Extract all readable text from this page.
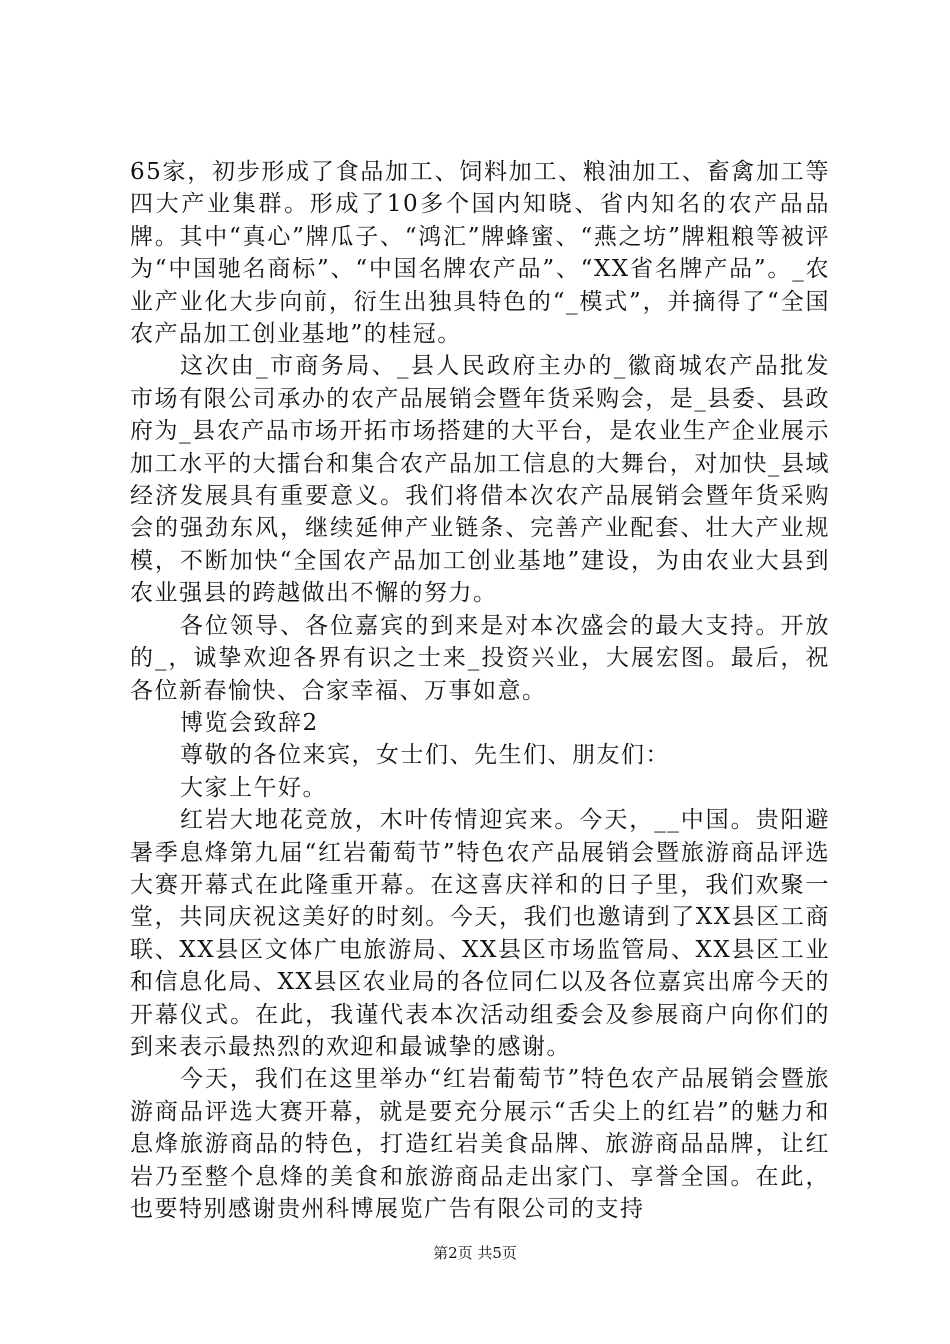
65家，初步形成了食品加工、饲料加工、粮油加工、畜禽加工等四大产业集群。形成了10多个国内知晓、省内知名的农产品品牌。其中“真心”牌瓜子、“鸿汇”牌蜂蜜、“燕之坊”牌粗粮等被评为“中国驰名商标”、“中国名牌农产品”、“XX省名牌产品”。_农业产业化大步向前，衍生出独具特色的“_模式”，并摘得了“全国农产品加工创业基地”的桂冠。

这次由_市商务局、_县人民政府主办的_徽商城农产品批发市场有限公司承办的农产品展销会暨年货采购会，是_县委、县政府为_县农产品市场开拓市场搭建的大平台，是农业生产企业展示加工水平的大擂台和集合农产品加工信息的大舞台，对加快_县域经济发展具有重要意义。我们将借本次农产品展销会暨年货采购会的强劲东风，继续延伸产业链条、完善产业配套、壮大产业规模，不断加快“全国农产品加工创业基地”建设，为由农业大县到农业强县的跨越做出不懈的努力。

各位领导、各位嘉宾的到来是对本次盛会的最大支持。开放的_，诚挚欢迎各界有识之士来_投资兴业，大展宏图。最后，祝各位新春愉快、合家幸福、万事如意。

博览会致辞2

尊敬的各位来宾，女士们、先生们、朋友们：

大家上午好。

红岩大地花竞放，木叶传情迎宾来。今天，__中国。贵阳避暑季息烽第九届“红岩葡萄节”特色农产品展销会暨旅游商品评选大赛开幕式在此隆重开幕。在这喜庆祥和的日子里，我们欢聚一堂，共同庆祝这美好的时刻。今天，我们也邀请到了XX县区工商联、XX县区文体广电旅游局、XX县区市场监管局、XX县区工业和信息化局、XX县区农业局的各位同仁以及各位嘉宾出席今天的开幕仪式。在此，我谨代表本次活动组委会及参展商户向你们的到来表示最热烈的欢迎和最诚挚的感谢。

今天，我们在这里举办“红岩葡萄节”特色农产品展销会暨旅游商品评选大赛开幕，就是要充分展示“舌尖上的红岩”的魅力和息烽旅游商品的特色，打造红岩美食品牌、旅游商品品牌，让红岩乃至整个息烽的美食和旅游商品走出家门、享誉全国。在此，也要特别感谢贵州科博展览广告有限公司的支持

第2页 共5页
